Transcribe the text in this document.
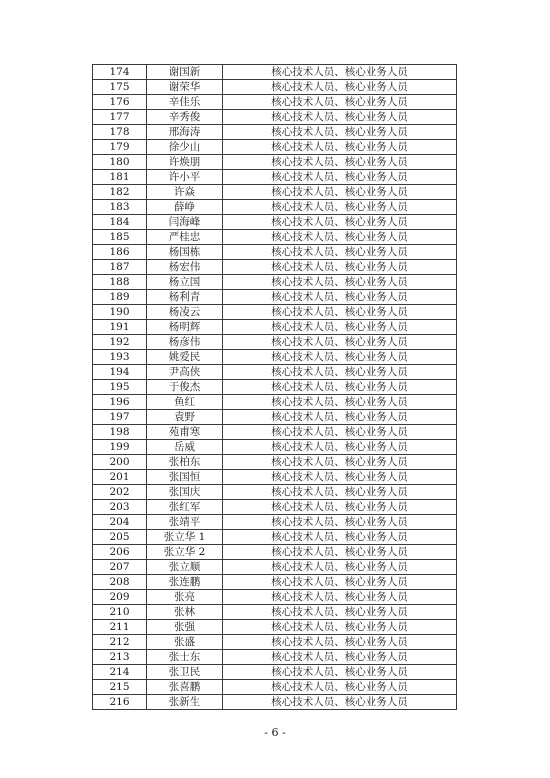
174	谢国新	核心技术人员、核心业务人员
175	谢荣华	核心技术人员、核心业务人员
176	辛佳乐	核心技术人员、核心业务人员
177	辛秀俊	核心技术人员、核心业务人员
178	邢海涛	核心技术人员、核心业务人员
179	徐少山	核心技术人员、核心业务人员
180	许焕朋	核心技术人员、核心业务人员
181	许小平	核心技术人员、核心业务人员
182	许焱	核心技术人员、核心业务人员
183	薛峥	核心技术人员、核心业务人员
184	闫海峰	核心技术人员、核心业务人员
185	严桂忠	核心技术人员、核心业务人员
186	杨国栋	核心技术人员、核心业务人员
187	杨宏伟	核心技术人员、核心业务人员
188	杨立国	核心技术人员、核心业务人员
189	杨利青	核心技术人员、核心业务人员
190	杨凌云	核心技术人员、核心业务人员
191	杨明辉	核心技术人员、核心业务人员
192	杨彦伟	核心技术人员、核心业务人员
193	姚爱民	核心技术人员、核心业务人员
194	尹高侠	核心技术人员、核心业务人员
195	于俊杰	核心技术人员、核心业务人员
196	鱼红	核心技术人员、核心业务人员
197	袁野	核心技术人员、核心业务人员
198	苑甫寒	核心技术人员、核心业务人员
199	岳威	核心技术人员、核心业务人员
200	张柏东	核心技术人员、核心业务人员
201	张国恒	核心技术人员、核心业务人员
202	张国庆	核心技术人员、核心业务人员
203	张红军	核心技术人员、核心业务人员
204	张靖平	核心技术人员、核心业务人员
205	张立华 1	核心技术人员、核心业务人员
206	张立华 2	核心技术人员、核心业务人员
207	张立顺	核心技术人员、核心业务人员
208	张连鹏	核心技术人员、核心业务人员
209	张亮	核心技术人员、核心业务人员
210	张林	核心技术人员、核心业务人员
211	张强	核心技术人员、核心业务人员
212	张盛	核心技术人员、核心业务人员
213	张士东	核心技术人员、核心业务人员
214	张卫民	核心技术人员、核心业务人员
215	张喜鹏	核心技术人员、核心业务人员
216	张新生	核心技术人员、核心业务人员
- 6 -
